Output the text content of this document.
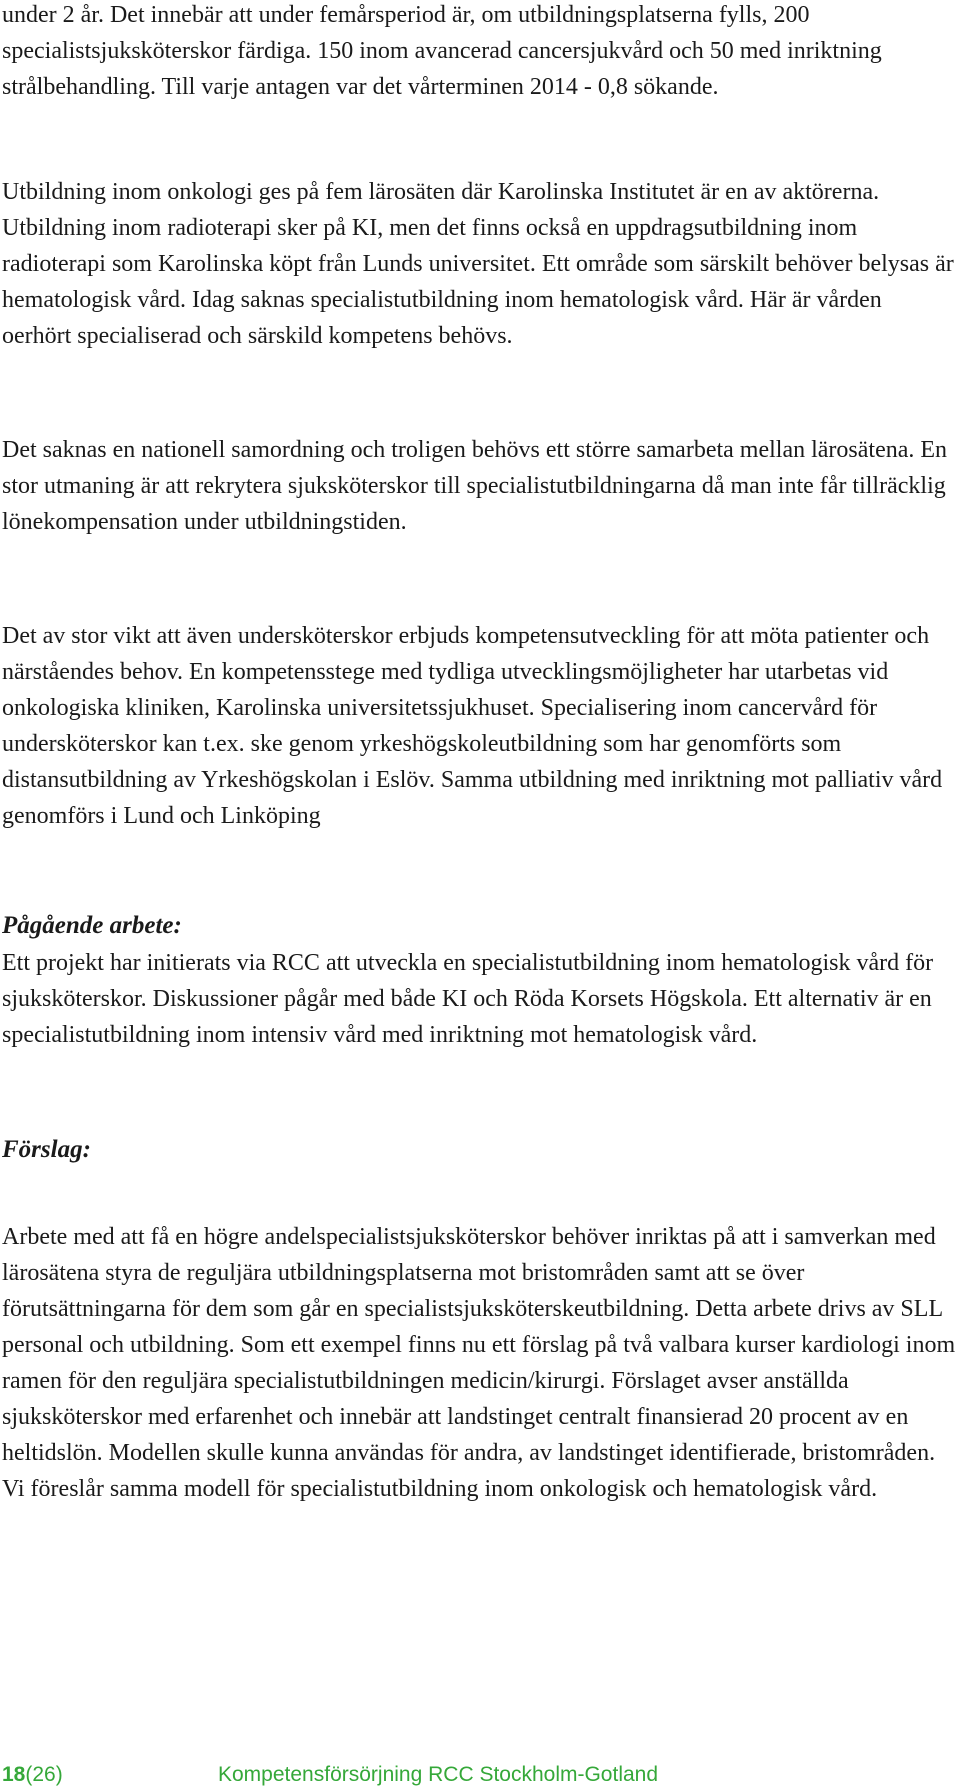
under 2 år. Det innebär att under femårsperiod är, om utbildningsplatserna fylls, 200 specialistsjuksköterskor färdiga. 150 inom avancerad cancersjukvård och 50 med inriktning strålbehandling. Till varje antagen var det vårterminen 2014 - 0,8 sökande.

Utbildning inom onkologi ges på fem lärosäten där Karolinska Institutet är en av aktörerna. Utbildning inom radioterapi sker på KI, men det finns också en uppdragsutbildning inom radioterapi som Karolinska köpt från Lunds universitet. Ett område som särskilt behöver belysas är hematologisk vård. Idag saknas specialistutbildning inom hematologisk vård. Här är vården oerhört specialiserad och särskild kompetens behövs.

Det saknas en nationell samordning och troligen behövs ett större samarbeta mellan lärosätena. En stor utmaning är att rekrytera sjuksköterskor till specialistutbildningarna då man inte får tillräcklig lönekompensation under utbildningstiden.

Det av stor vikt att även undersköterskor erbjuds kompetensutveckling för att möta patienter och närståendes behov. En kompetensstege med tydliga utvecklingsmöjligheter har utarbetas vid onkologiska kliniken, Karolinska universitetssjukhuset. Specialisering inom cancervård för undersköterskor kan t.ex. ske genom yrkeshögskoleutbildning som har genomförts som distansutbildning av Yrkeshögskolan i Eslöv. Samma utbildning med inriktning mot palliativ vård genomförs i Lund och Linköping

Pågående arbete:

Ett projekt har initierats via RCC att utveckla en specialistutbildning inom hematologisk vård för sjuksköterskor. Diskussioner pågår med både KI och Röda Korsets Högskola. Ett alternativ är en specialistutbildning inom intensiv vård med inriktning mot hematologisk vård.

Förslag:

Arbete med att få en högre andelspecialistsjuksköterskor behöver inriktas på att i samverkan med lärosätena styra de reguljära utbildningsplatserna mot bristområden samt att se över förutsättningarna för dem som går en specialistsjuksköterskeutbildning. Detta arbete drivs av SLL personal och utbildning. Som ett exempel finns nu ett förslag på två valbara kurser kardiologi inom ramen för den reguljära specialistutbildningen medicin/kirurgi. Förslaget avser anställda sjuksköterskor med erfarenhet och innebär att landstinget centralt finansierad 20 procent av en heltidslön. Modellen skulle kunna användas för andra, av landstinget identifierade, bristområden. Vi föreslår samma modell för specialistutbildning inom onkologisk och hematologisk vård.

18(26)	Kompetensförsörjning RCC Stockholm-Gotland
